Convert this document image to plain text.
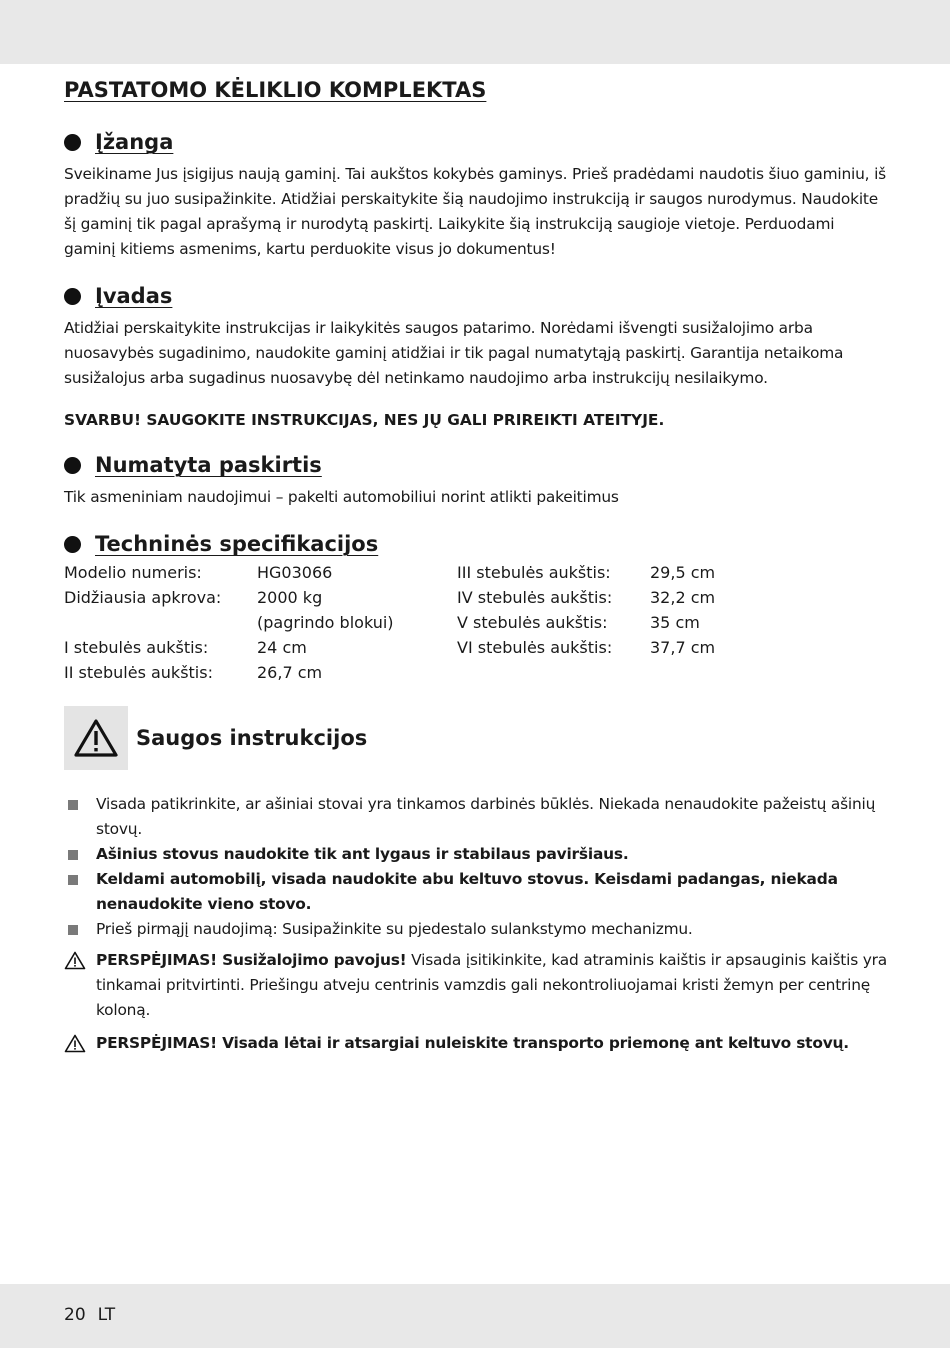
PASTATOMO KĖLIKLIO KOMPLEKTAS
Įžanga

Sveikiname Jus įsigijus naują gaminį. Tai aukštos kokybės gaminys. Prieš pradėdami naudotis šiuo gaminiu, iš pradžių su juo susipažinkite. Atidžiai perskaitykite šią naudojimo instrukciją ir saugos nurodymus. Naudokite šį gaminį tik pagal aprašymą ir nurodytą paskirtį. Laikykite šią instrukciją saugioje vietoje. Perduodami gaminį kitiems asmenims, kartu perduokite visus jo dokumentus!

Įvadas

Atidžiai perskaitykite instrukcijas ir laikykitės saugos patarimo. Norėdami išvengti susižalojimo arba nuosavybės sugadinimo, naudokite gaminį atidžiai ir tik pagal numatytąją paskirtį. Garantija netaikoma susižalojus arba sugadinus nuosavybę dėl netinkamo naudojimo arba instrukcijų nesilaikymo.

SVARBU! SAUGOKITE INSTRUKCIJAS, NES JŲ GALI PRIREIKTI ATEITYJE.

Numatyta paskirtis

Tik asmeniniam naudojimui – pakelti automobiliui norint atlikti pakeitimus

Techninės specifikacijos
Modelio numeris:	HG03066
Didžiausia apkrova:	2000 kg
(pagrindo blokui)
I stebulės aukštis:	24 cm
II stebulės aukštis:	26,7 cm
III stebulės aukštis:	29,5 cm
IV stebulės aukštis:	32,2 cm
V stebulės aukštis:	35 cm
VI stebulės aukštis:	37,7 cm
Saugos instrukcijos
Visada patikrinkite, ar ašiniai stovai yra tinkamos darbinės būklės. Niekada nenaudokite pažeistų ašinių stovų.
Ašinius stovus naudokite tik ant lygaus ir stabilaus paviršiaus.
Keldami automobilį, visada naudokite abu keltuvo stovus. Keisdami padangas, niekada nenaudokite vieno stovo.
Prieš pirmąjį naudojimą: Susipažinkite su pjedestalo sulankstymo mechanizmu.
PERSPĖJIMAS! Susižalojimo pavojus! Visada įsitikinkite, kad atraminis kaištis ir apsauginis kaištis yra tinkamai pritvirtinti. Priešingu atveju centrinis vamzdis gali nekontroliuojamai kristi žemyn per centrinę koloną.
PERSPĖJIMAS! Visada lėtai ir atsargiai nuleiskite transporto priemonę ant keltuvo stovų.
20 LT
